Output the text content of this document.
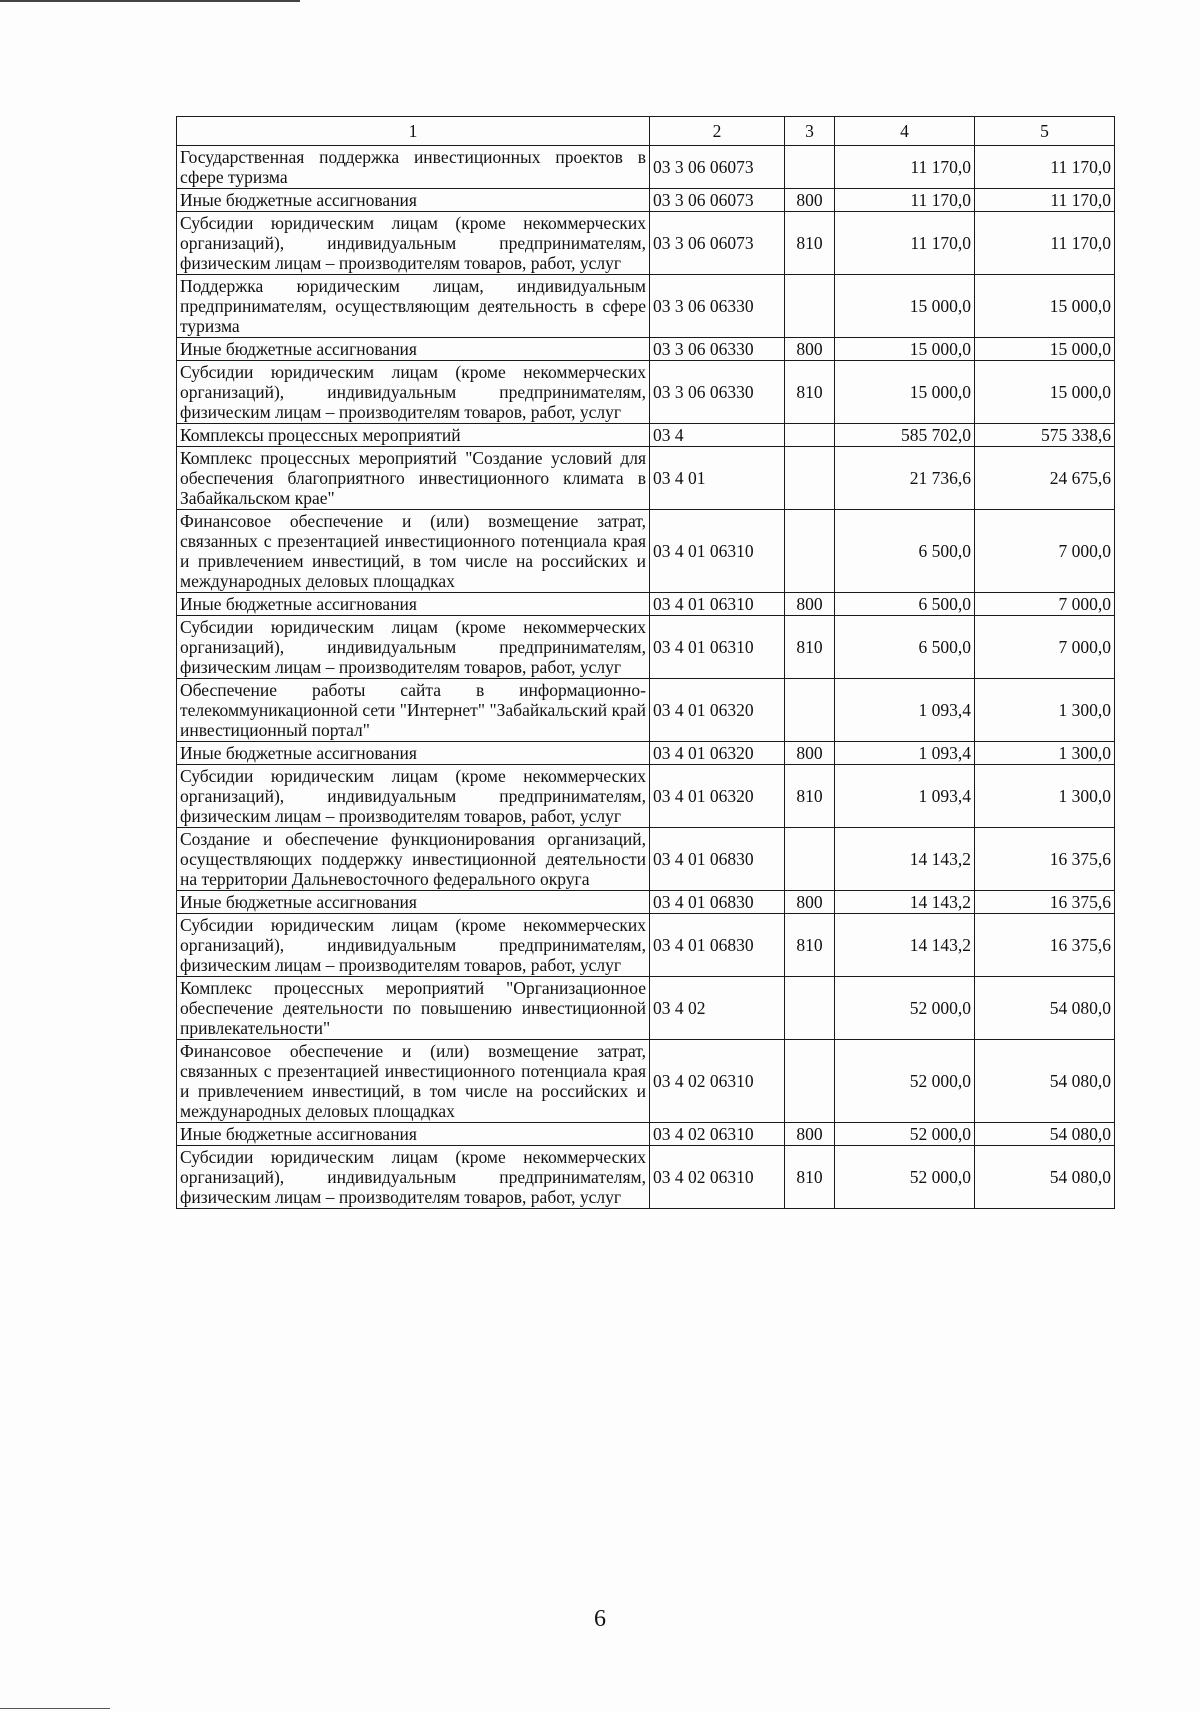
1	2	3	4	5
Государственная поддержка инвестиционных проектов в сфере туризма	03 3 06 06073		11 170,0	11 170,0
Иные бюджетные ассигнования	03 3 06 06073	800	11 170,0	11 170,0
Субсидии юридическим лицам (кроме некоммерческих организаций), индивидуальным предпринимателям, физическим лицам – производителям товаров, работ, услуг	03 3 06 06073	810	11 170,0	11 170,0
Поддержка юридическим лицам, индивидуальным предпринимателям, осуществляющим деятельность в сфере туризма	03 3 06 06330		15 000,0	15 000,0
Иные бюджетные ассигнования	03 3 06 06330	800	15 000,0	15 000,0
Субсидии юридическим лицам (кроме некоммерческих организаций), индивидуальным предпринимателям, физическим лицам – производителям товаров, работ, услуг	03 3 06 06330	810	15 000,0	15 000,0
Комплексы процессных мероприятий	03 4		585 702,0	575 338,6
Комплекс процессных мероприятий "Создание условий для обеспечения благоприятного инвестиционного климата в Забайкальском крае"	03 4 01		21 736,6	24 675,6
Финансовое обеспечение и (или) возмещение затрат, связанных с презентацией инвестиционного потенциала края и привлечением инвестиций, в том числе на российских и международных деловых площадках	03 4 01 06310		6 500,0	7 000,0
Иные бюджетные ассигнования	03 4 01 06310	800	6 500,0	7 000,0
Субсидии юридическим лицам (кроме некоммерческих организаций), индивидуальным предпринимателям, физическим лицам – производителям товаров, работ, услуг	03 4 01 06310	810	6 500,0	7 000,0
Обеспечение работы сайта в информационно-телекоммуникационной сети "Интернет" "Забайкальский край инвестиционный портал"	03 4 01 06320		1 093,4	1 300,0
Иные бюджетные ассигнования	03 4 01 06320	800	1 093,4	1 300,0
Субсидии юридическим лицам (кроме некоммерческих организаций), индивидуальным предпринимателям, физическим лицам – производителям товаров, работ, услуг	03 4 01 06320	810	1 093,4	1 300,0
Создание и обеспечение функционирования организаций, осуществляющих поддержку инвестиционной деятельности на территории Дальневосточного федерального округа	03 4 01 06830		14 143,2	16 375,6
Иные бюджетные ассигнования	03 4 01 06830	800	14 143,2	16 375,6
Субсидии юридическим лицам (кроме некоммерческих организаций), индивидуальным предпринимателям, физическим лицам – производителям товаров, работ, услуг	03 4 01 06830	810	14 143,2	16 375,6
Комплекс процессных мероприятий "Организационное обеспечение деятельности по повышению инвестиционной привлекательности"	03 4 02		52 000,0	54 080,0
Финансовое обеспечение и (или) возмещение затрат, связанных с презентацией инвестиционного потенциала края и привлечением инвестиций, в том числе на российских и международных деловых площадках	03 4 02 06310		52 000,0	54 080,0
Иные бюджетные ассигнования	03 4 02 06310	800	52 000,0	54 080,0
Субсидии юридическим лицам (кроме некоммерческих организаций), индивидуальным предпринимателям, физическим лицам – производителям товаров, работ, услуг	03 4 02 06310	810	52 000,0	54 080,0
6
